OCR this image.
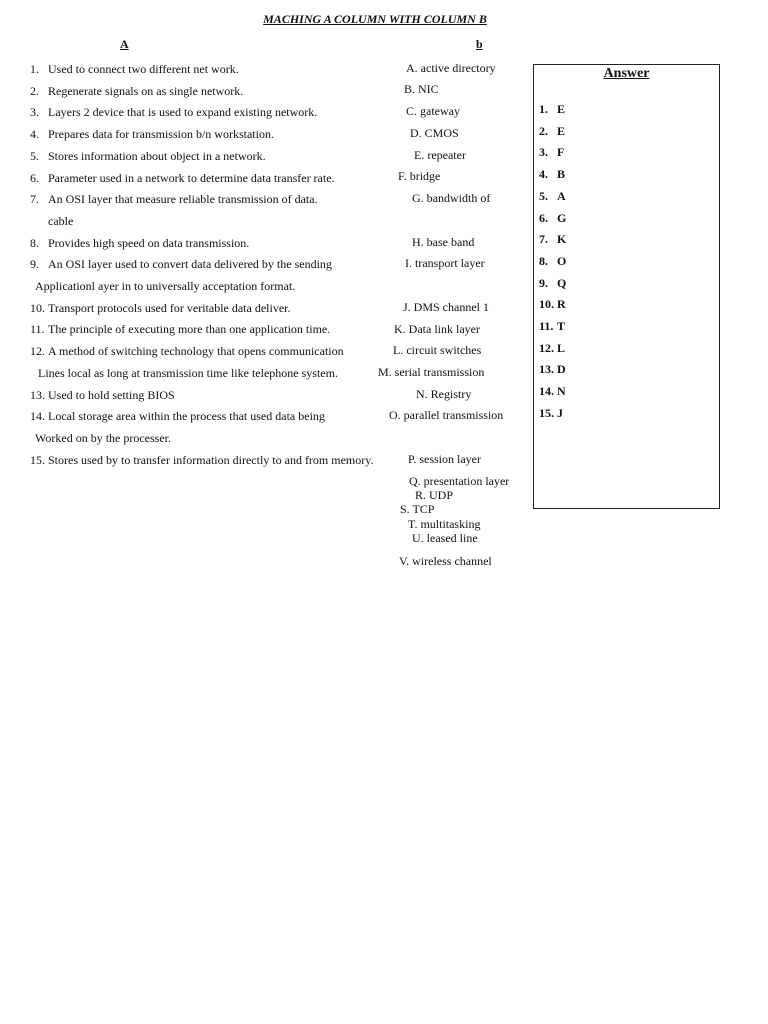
MACHING A COLUMN WITH COLUMN B
A	b
1. Used to connect two different net work.
2. Regenerate signals on as single network.
3. Layers 2 device that is used to expand existing network.
4. Prepares data for transmission b/n workstation.
5. Stores information about object in a network.
6. Parameter used in a network to determine data transfer rate.
7. An OSI layer that measure reliable transmission of data.
cable
8. Provides high speed on data transmission.
9. An OSI layer used to convert data delivered by the sending
Applicationl ayer in to universally acceptation format.
10. Transport protocols used for veritable data deliver.
11. The principle of executing more than one application time.
12. A method of switching technology that opens communication
Lines local as long at transmission time like telephone system.
13. Used to hold setting BIOS
14. Local storage area within the process that used data being
Worked on by the processer.
15. Stores used by to transfer information directly to and from memory.
A. active directory
B. NIC
C. gateway
D. CMOS
E. repeater
F. bridge
G. bandwidth of
H. base band
I. transport layer
J. DMS channel 1
K. Data link layer
L. circuit switches
M. serial transmission
N. Registry
O. parallel transmission
P. session layer
Q. presentation layer
R. UDP
S. TCP
T. multitasking
U. leased line
V. wireless channel
Answer
1. E
2. E
3. F
4. B
5. A
6. G
7. K
8. O
9. Q
10. R
11. T
12. L
13. D
14. N
15. J
